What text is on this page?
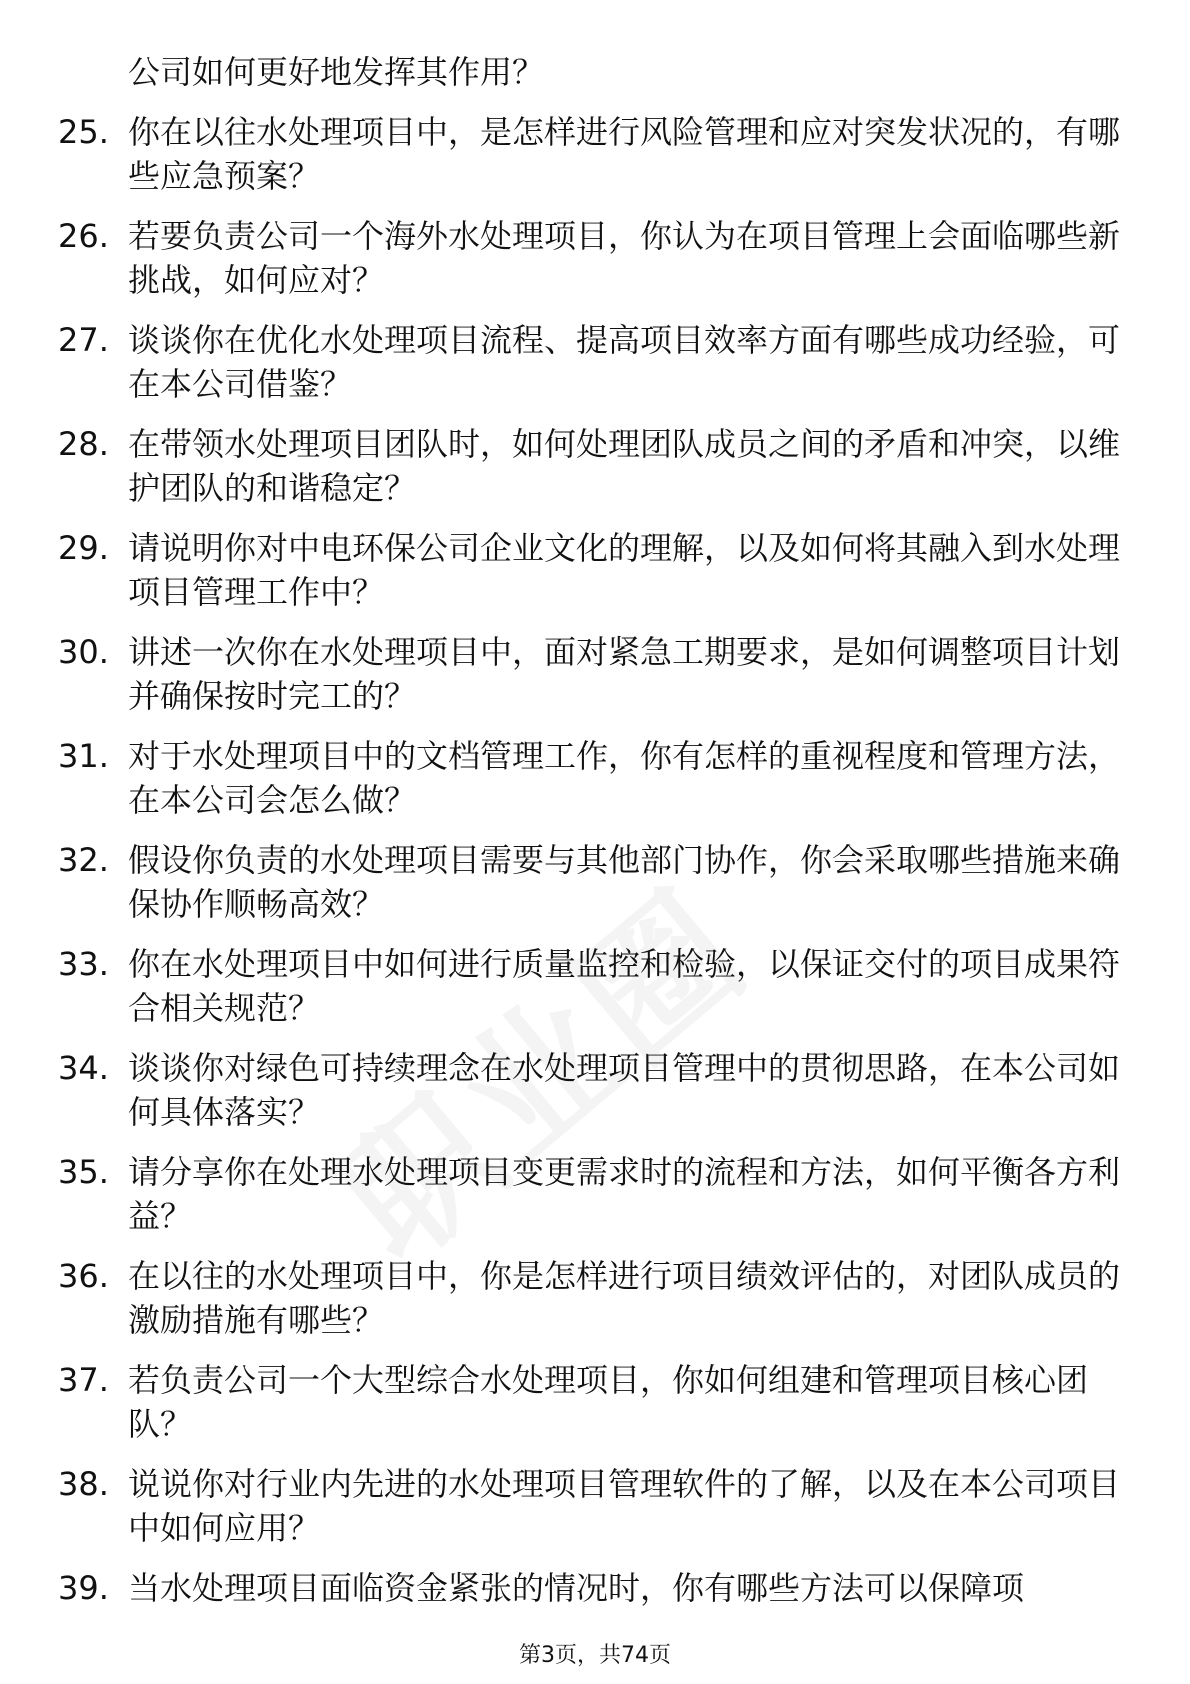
公司如何更好地发挥其作用？
25. 你在以往水处理项目中，是怎样进行风险管理和应对突发状况的，有哪些应急预案？
26. 若要负责公司一个海外水处理项目，你认为在项目管理上会面临哪些新挑战，如何应对？
27. 谈谈你在优化水处理项目流程、提高项目效率方面有哪些成功经验，可在本公司借鉴？
28. 在带领水处理项目团队时，如何处理团队成员之间的矛盾和冲突，以维护团队的和谐稳定？
29. 请说明你对中电环保公司企业文化的理解，以及如何将其融入到水处理项目管理工作中？
30. 讲述一次你在水处理项目中，面对紧急工期要求，是如何调整项目计划并确保按时完工的？
31. 对于水处理项目中的文档管理工作，你有怎样的重视程度和管理方法，在本公司会怎么做？
32. 假设你负责的水处理项目需要与其他部门协作，你会采取哪些措施来确保协作顺畅高效？
33. 你在水处理项目中如何进行质量监控和检验，以保证交付的项目成果符合相关规范？
34. 谈谈你对绿色可持续理念在水处理项目管理中的贯彻思路，在本公司如何具体落实？
35. 请分享你在处理水处理项目变更需求时的流程和方法，如何平衡各方利益？
36. 在以往的水处理项目中，你是怎样进行项目绩效评估的，对团队成员的激励措施有哪些？
37. 若负责公司一个大型综合水处理项目，你如何组建和管理项目核心团队？
38. 说说你对行业内先进的水处理项目管理软件的了解，以及在本公司项目中如何应用？
39. 当水处理项目面临资金紧张的情况时，你有哪些方法可以保障项
第3页，共74页
